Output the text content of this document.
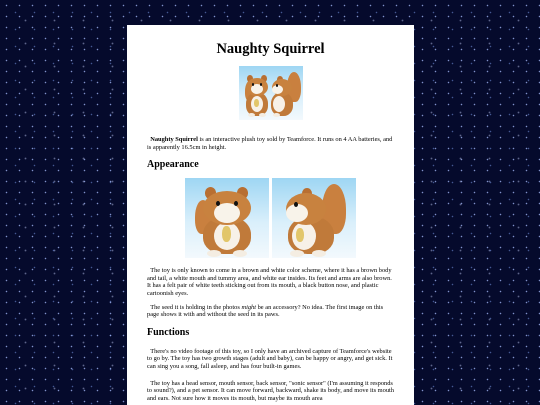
Naughty Squirrel

Naughty Squirrel is an interactive plush toy sold by Teamforce. It runs on 4 AA batteries, and is apparently 16.5cm in height.

Appearance

The toy is only known to come in a brown and white color scheme, where it has a brown body and tail, a white mouth and tummy area, and white ear insides. Its feet and arms are also brown. It has a felt pair of white teeth sticking out from its mouth, a black button nose, and plastic cartoonish eyes.

The seed it is holding in the photos might be an accessory? No idea. The first image on this page shows it with and without the seed in its paws.

Functions

There's no video footage of this toy, so I only have an archived capture of Teamforce's website to go by. The toy has two growth stages (adult and baby), can be happy or angry, and get sick. It can sing you a song, fall asleep, and has four built-in games.

The toy has a head sensor, mouth sensor, back sensor, "sonic sensor" (I'm assuming it responds to sound?), and a pet sensor. It can move forward, backward, shake its body, and move its mouth and ears. Not sure how it moves its mouth, but maybe its mouth area
